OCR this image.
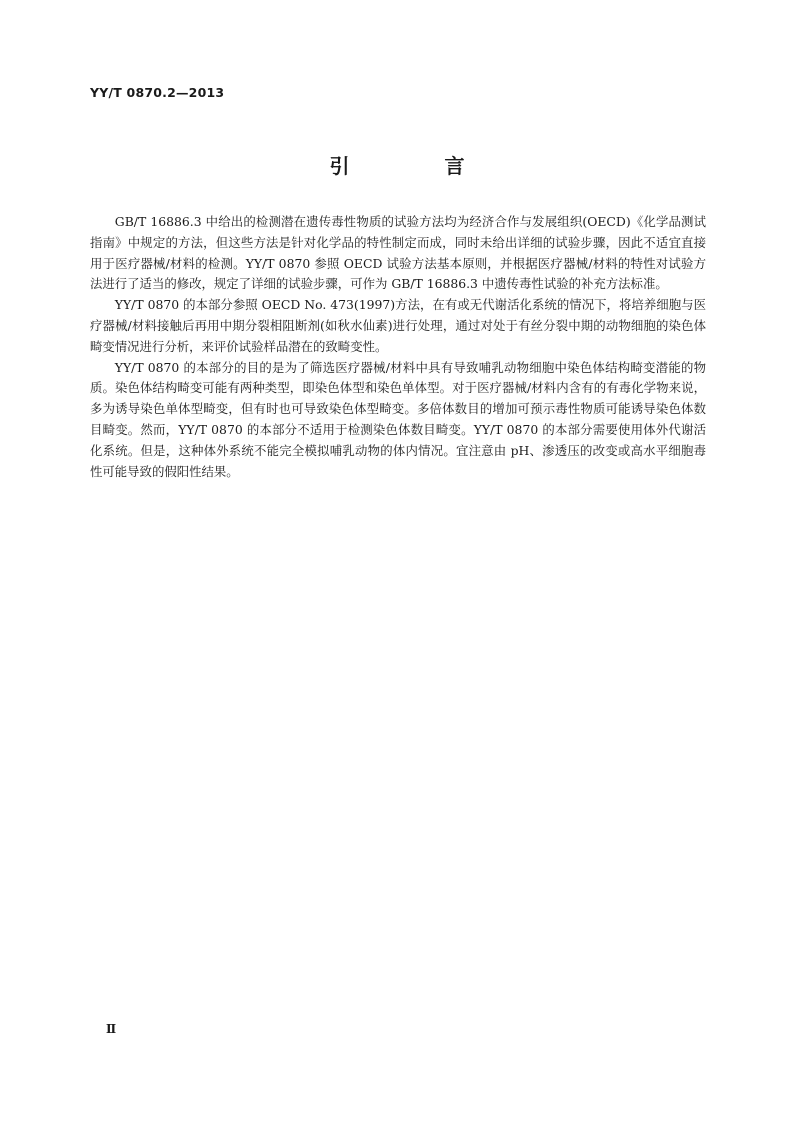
YY/T 0870.2—2013
引 言

GB/T 16886.3 中给出的检测潜在遗传毒性物质的试验方法均为经济合作与发展组织(OECD)《化学品测试指南》中规定的方法，但这些方法是针对化学品的特性制定而成，同时未给出详细的试验步骤，因此不适宜直接用于医疗器械/材料的检测。YY/T 0870 参照 OECD 试验方法基本原则，并根据医疗器械/材料的特性对试验方法进行了适当的修改，规定了详细的试验步骤，可作为 GB/T 16886.3 中遗传毒性试验的补充方法标准。

YY/T 0870 的本部分参照 OECD No. 473(1997)方法，在有或无代谢活化系统的情况下，将培养细胞与医疗器械/材料接触后再用中期分裂相阻断剂(如秋水仙素)进行处理，通过对处于有丝分裂中期的动物细胞的染色体畸变情况进行分析，来评价试验样品潜在的致畸变性。

YY/T 0870 的本部分的目的是为了筛选医疗器械/材料中具有导致哺乳动物细胞中染色体结构畸变潜能的物质。染色体结构畸变可能有两种类型，即染色体型和染色单体型。对于医疗器械/材料内含有的有毒化学物来说，多为诱导染色单体型畸变，但有时也可导致染色体型畸变。多倍体数目的增加可预示毒性物质可能诱导染色体数目畸变。然而，YY/T 0870 的本部分不适用于检测染色体数目畸变。YY/T 0870 的本部分需要使用体外代谢活化系统。但是，这种体外系统不能完全模拟哺乳动物的体内情况。宜注意由 pH、渗透压的改变或高水平细胞毒性可能导致的假阳性结果。

Ⅱ
